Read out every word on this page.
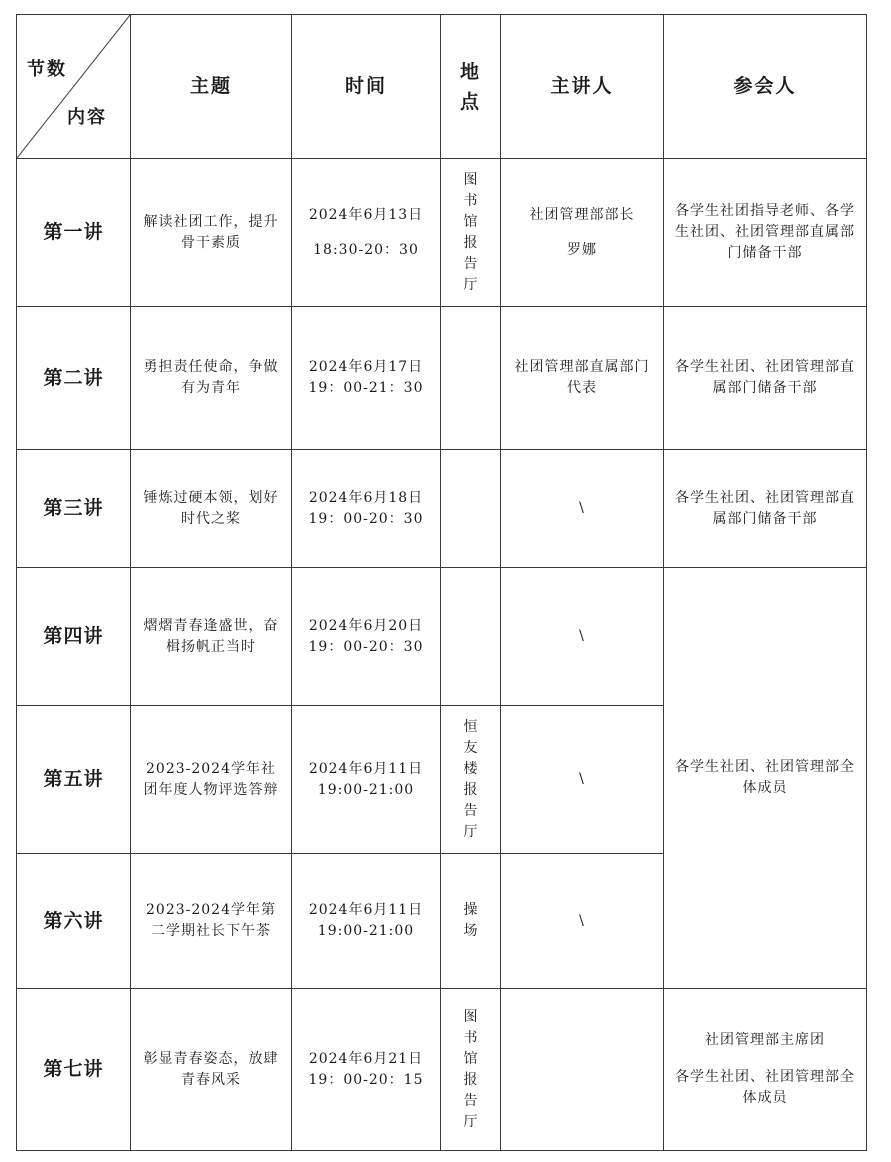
节数
内容	主题	时间	地点	主讲人	参会人
第一讲	解读社团工作，提升骨干素质	2024年6月13日
18:30-20：30	图书馆报告厅	社团管理部部长
罗娜	各学生社团指导老师、各学生社团、社团管理部直属部门储备干部
第二讲	勇担责任使命，争做有为青年	2024年6月17日
19：00-21：30		社团管理部直属部门代表	各学生社团、社团管理部直属部门储备干部
第三讲	锤炼过硬本领，划好时代之桨	2024年6月18日
19：00-20：30		\	各学生社团、社团管理部直属部门储备干部
第四讲	熠熠青春逢盛世，奋楫扬帆正当时	2024年6月20日
19：00-20：30		\	各学生社团、社团管理部全体成员
第五讲	2023-2024学年社团年度人物评选答辩	2024年6月11日
19:00-21:00	恒友楼报告厅	\	
第六讲	2023-2024学年第二学期社长下午茶	2024年6月11日
19:00-21:00	操场	\	
第七讲	彰显青春姿态，放肆青春风采	2024年6月21日
19：00-20：15	图书馆报告厅		社团管理部主席团
各学生社团、社团管理部全体成员
